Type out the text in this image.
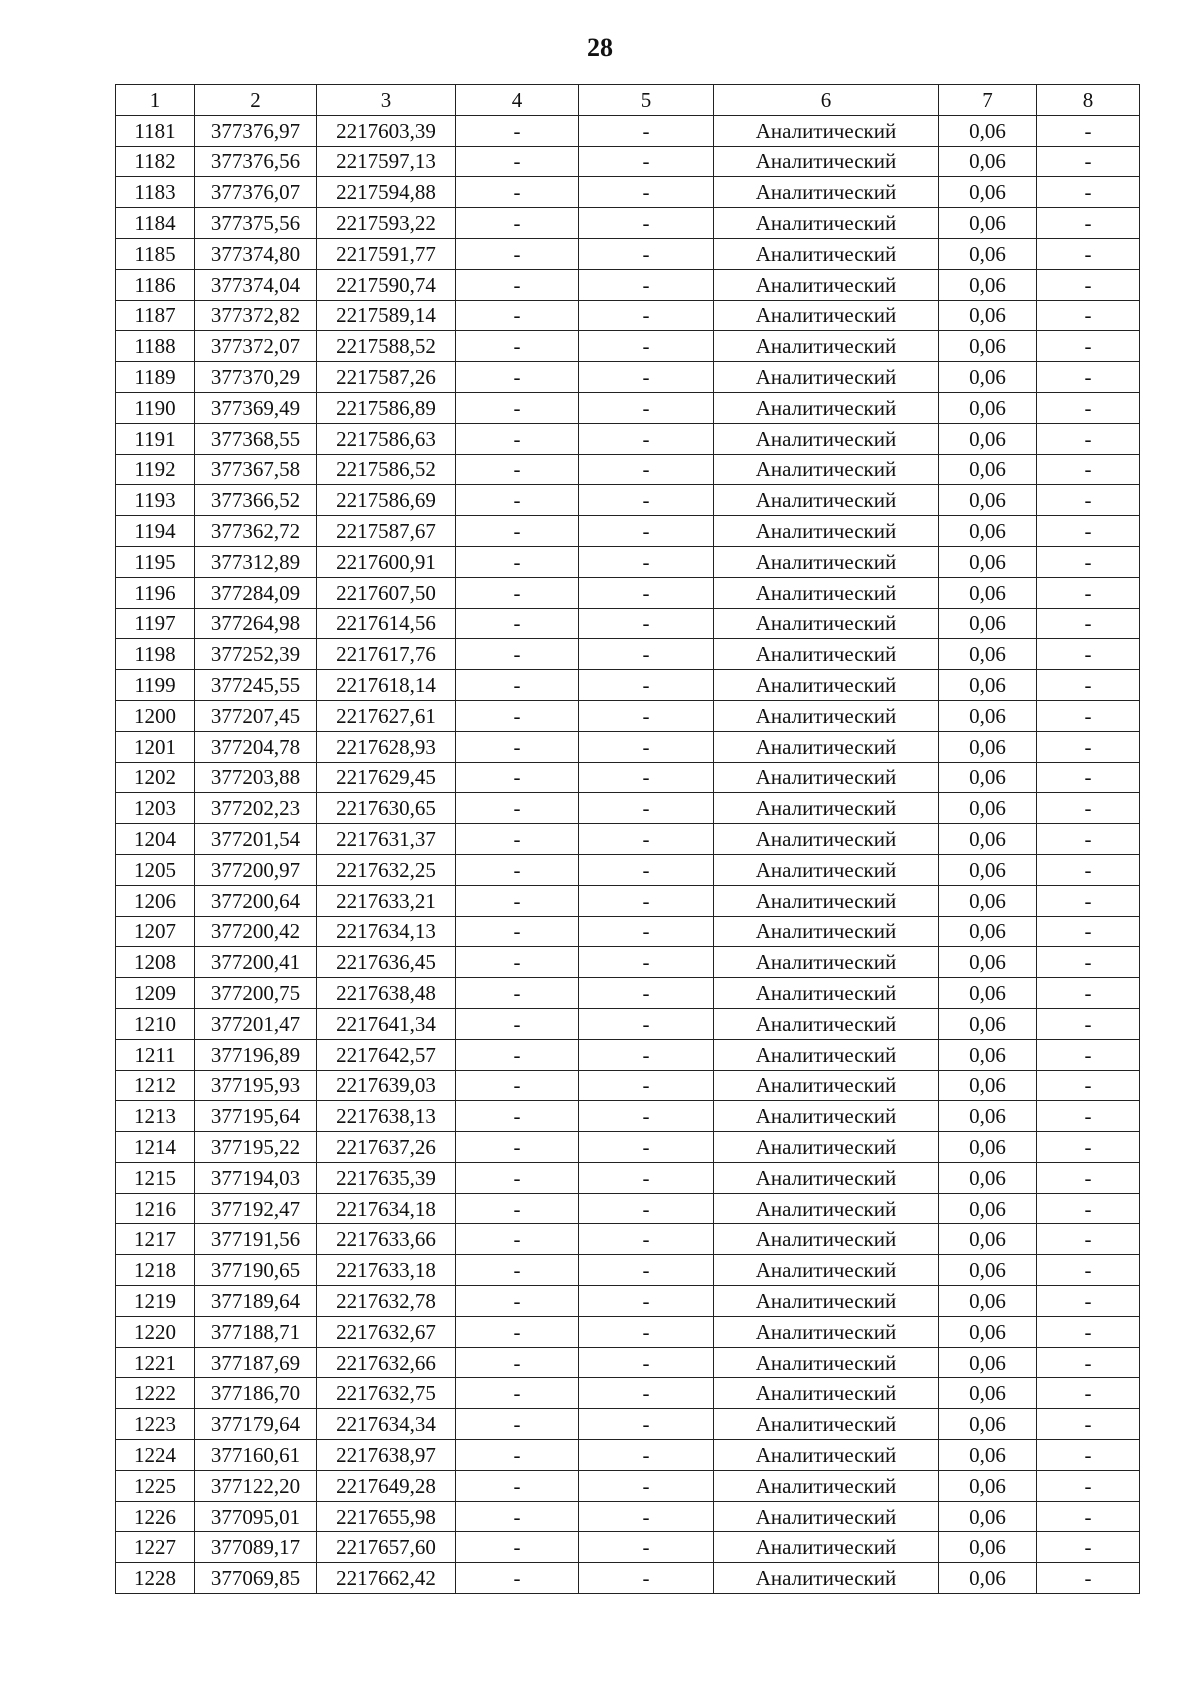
28
1	2	3	4	5	6	7	8
1181	377376,97	2217603,39	-	-	Аналитический	0,06	-
1182	377376,56	2217597,13	-	-	Аналитический	0,06	-
1183	377376,07	2217594,88	-	-	Аналитический	0,06	-
1184	377375,56	2217593,22	-	-	Аналитический	0,06	-
1185	377374,80	2217591,77	-	-	Аналитический	0,06	-
1186	377374,04	2217590,74	-	-	Аналитический	0,06	-
1187	377372,82	2217589,14	-	-	Аналитический	0,06	-
1188	377372,07	2217588,52	-	-	Аналитический	0,06	-
1189	377370,29	2217587,26	-	-	Аналитический	0,06	-
1190	377369,49	2217586,89	-	-	Аналитический	0,06	-
1191	377368,55	2217586,63	-	-	Аналитический	0,06	-
1192	377367,58	2217586,52	-	-	Аналитический	0,06	-
1193	377366,52	2217586,69	-	-	Аналитический	0,06	-
1194	377362,72	2217587,67	-	-	Аналитический	0,06	-
1195	377312,89	2217600,91	-	-	Аналитический	0,06	-
1196	377284,09	2217607,50	-	-	Аналитический	0,06	-
1197	377264,98	2217614,56	-	-	Аналитический	0,06	-
1198	377252,39	2217617,76	-	-	Аналитический	0,06	-
1199	377245,55	2217618,14	-	-	Аналитический	0,06	-
1200	377207,45	2217627,61	-	-	Аналитический	0,06	-
1201	377204,78	2217628,93	-	-	Аналитический	0,06	-
1202	377203,88	2217629,45	-	-	Аналитический	0,06	-
1203	377202,23	2217630,65	-	-	Аналитический	0,06	-
1204	377201,54	2217631,37	-	-	Аналитический	0,06	-
1205	377200,97	2217632,25	-	-	Аналитический	0,06	-
1206	377200,64	2217633,21	-	-	Аналитический	0,06	-
1207	377200,42	2217634,13	-	-	Аналитический	0,06	-
1208	377200,41	2217636,45	-	-	Аналитический	0,06	-
1209	377200,75	2217638,48	-	-	Аналитический	0,06	-
1210	377201,47	2217641,34	-	-	Аналитический	0,06	-
1211	377196,89	2217642,57	-	-	Аналитический	0,06	-
1212	377195,93	2217639,03	-	-	Аналитический	0,06	-
1213	377195,64	2217638,13	-	-	Аналитический	0,06	-
1214	377195,22	2217637,26	-	-	Аналитический	0,06	-
1215	377194,03	2217635,39	-	-	Аналитический	0,06	-
1216	377192,47	2217634,18	-	-	Аналитический	0,06	-
1217	377191,56	2217633,66	-	-	Аналитический	0,06	-
1218	377190,65	2217633,18	-	-	Аналитический	0,06	-
1219	377189,64	2217632,78	-	-	Аналитический	0,06	-
1220	377188,71	2217632,67	-	-	Аналитический	0,06	-
1221	377187,69	2217632,66	-	-	Аналитический	0,06	-
1222	377186,70	2217632,75	-	-	Аналитический	0,06	-
1223	377179,64	2217634,34	-	-	Аналитический	0,06	-
1224	377160,61	2217638,97	-	-	Аналитический	0,06	-
1225	377122,20	2217649,28	-	-	Аналитический	0,06	-
1226	377095,01	2217655,98	-	-	Аналитический	0,06	-
1227	377089,17	2217657,60	-	-	Аналитический	0,06	-
1228	377069,85	2217662,42	-	-	Аналитический	0,06	-
